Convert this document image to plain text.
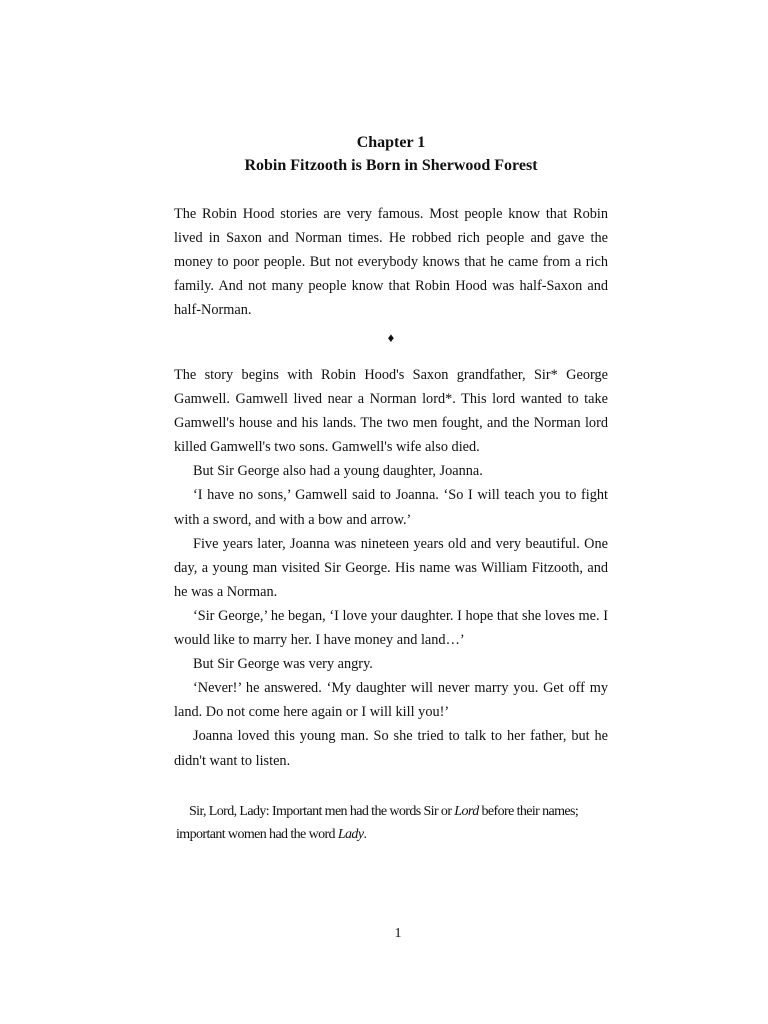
Chapter 1
Robin Fitzooth is Born in Sherwood Forest

The Robin Hood stories are very famous. Most people know that Robin lived in Saxon and Norman times. He robbed rich people and gave the money to poor people. But not everybody knows that he came from a rich family. And not many people know that Robin Hood was half-Saxon and half-Norman.

♦

The story begins with Robin Hood's Saxon grandfather, Sir* George Gamwell. Gamwell lived near a Norman lord*. This lord wanted to take Gamwell's house and his lands. The two men fought, and the Norman lord killed Gamwell's two sons. Gamwell's wife also died.

But Sir George also had a young daughter, Joanna.

‘I have no sons,’ Gamwell said to Joanna. ‘So I will teach you to fight with a sword, and with a bow and arrow.’

Five years later, Joanna was nineteen years old and very beautiful. One day, a young man visited Sir George. His name was William Fitzooth, and he was a Norman.

‘Sir George,’ he began, ‘I love your daughter. I hope that she loves me. I would like to marry her. I have money and land…’

But Sir George was very angry.

‘Never!’ he answered. ‘My daughter will never marry you. Get off my land. Do not come here again or I will kill you!’

Joanna loved this young man. So she tried to talk to her father, but he didn't want to listen.

Sir, Lord, Lady: Important men had the words Sir or Lord before their names;

important women had the word Lady.

1
